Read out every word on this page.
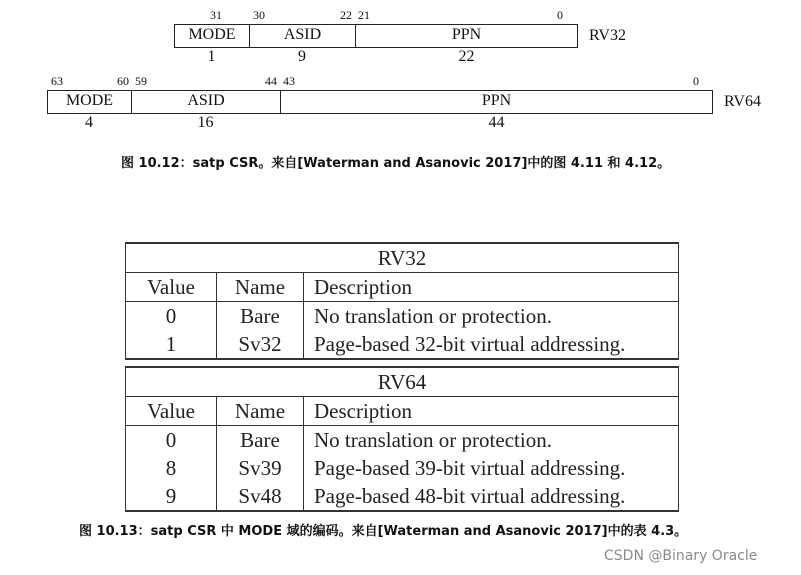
31	30	22 21	0
MODE	ASID	PPN	RV32
1	9	22
63	60 59	44 43	0
MODE	ASID	PPN	RV64
4	16	44
图 10.12：satp CSR。来自[Waterman and Asanovic 2017]中的图 4.11 和 4.12。
RV32		
Value	Name	Description
0	Bare	No translation or protection.
1	Sv32	Page-based 32-bit virtual addressing.

RV64		
Value	Name	Description
0	Bare	No translation or protection.
8	Sv39	Page-based 39-bit virtual addressing.
9	Sv48	Page-based 48-bit virtual addressing.
图 10.13：satp CSR 中 MODE 域的编码。来自[Waterman and Asanovic 2017]中的表 4.3。
CSDN @Binary Oracle
